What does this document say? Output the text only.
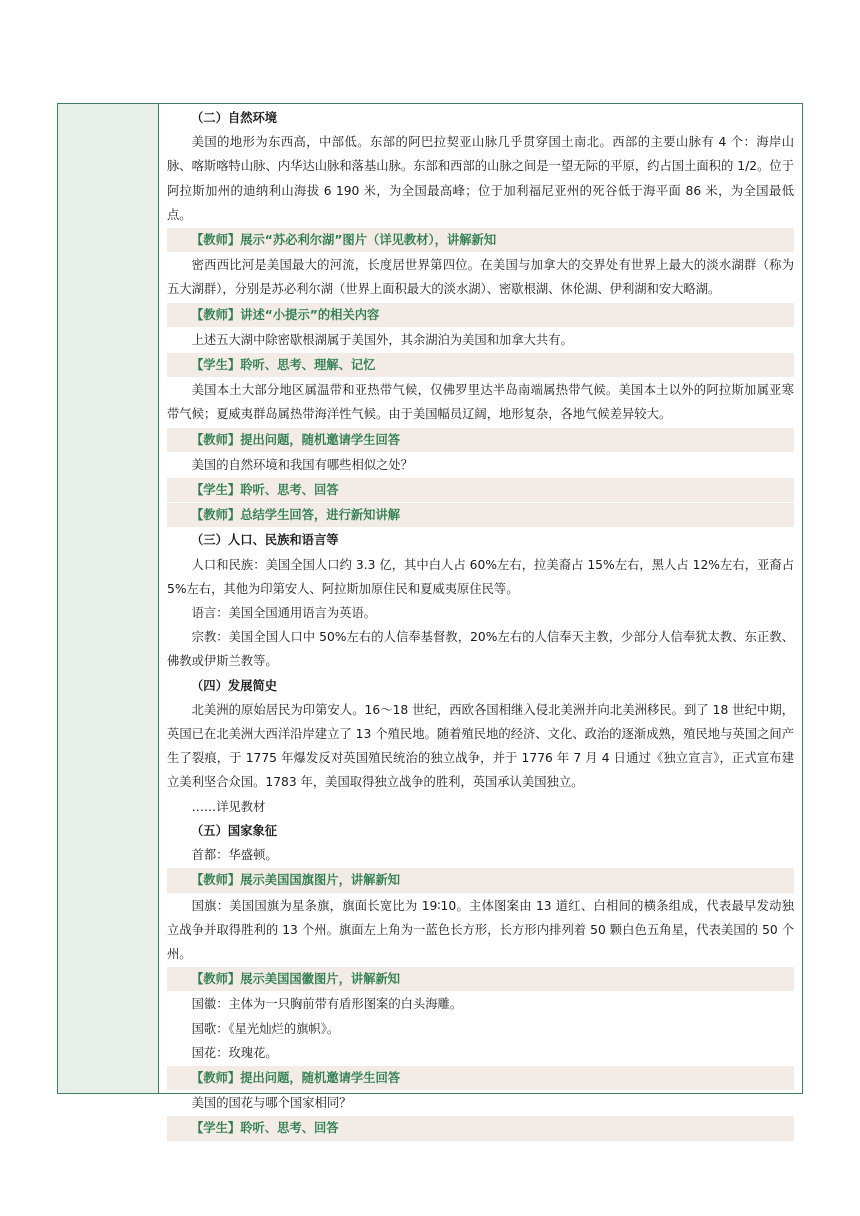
（二）自然环境

美国的地形为东西高，中部低。东部的阿巴拉契亚山脉几乎贯穿国土南北。西部的主要山脉有 4 个：海岸山脉、喀斯喀特山脉、内华达山脉和落基山脉。东部和西部的山脉之间是一望无际的平原，约占国土面积的 1/2。位于阿拉斯加州的迪纳利山海拔 6 190 米，为全国最高峰；位于加利福尼亚州的死谷低于海平面 86 米，为全国最低点。

【教师】展示“苏必利尔湖”图片（详见教材），讲解新知

密西西比河是美国最大的河流，长度居世界第四位。在美国与加拿大的交界处有世界上最大的淡水湖群（称为五大湖群），分别是苏必利尔湖（世界上面积最大的淡水湖）、密歇根湖、休伦湖、伊利湖和安大略湖。

【教师】讲述“小提示”的相关内容

上述五大湖中除密歇根湖属于美国外，其余湖泊为美国和加拿大共有。

【学生】聆听、思考、理解、记忆

美国本土大部分地区属温带和亚热带气候，仅佛罗里达半岛南端属热带气候。美国本土以外的阿拉斯加属亚寒带气候；夏威夷群岛属热带海洋性气候。由于美国幅员辽阔，地形复杂，各地气候差异较大。

【教师】提出问题，随机邀请学生回答

美国的自然环境和我国有哪些相似之处？

【学生】聆听、思考、回答

【教师】总结学生回答，进行新知讲解

（三）人口、民族和语言等

人口和民族：美国全国人口约 3.3 亿，其中白人占 60%左右，拉美裔占 15%左右，黑人占 12%左右，亚裔占 5%左右，其他为印第安人、阿拉斯加原住民和夏威夷原住民等。

语言：美国全国通用语言为英语。

宗教：美国全国人口中 50%左右的人信奉基督教，20%左右的人信奉天主教，少部分人信奉犹太教、东正教、佛教或伊斯兰教等。

（四）发展简史

北美洲的原始居民为印第安人。16～18 世纪，西欧各国相继入侵北美洲并向北美洲移民。到了 18 世纪中期，英国已在北美洲大西洋沿岸建立了 13 个殖民地。随着殖民地的经济、文化、政治的逐渐成熟，殖民地与英国之间产生了裂痕，于 1775 年爆发反对英国殖民统治的独立战争，并于 1776 年 7 月 4 日通过《独立宣言》，正式宣布建立美利坚合众国。1783 年，美国取得独立战争的胜利，英国承认美国独立。

……详见教材

（五）国家象征

首都：华盛顿。

【教师】展示美国国旗图片，讲解新知

国旗：美国国旗为星条旗，旗面长宽比为 19∶10。主体图案由 13 道红、白相间的横条组成，代表最早发动独立战争并取得胜利的 13 个州。旗面左上角为一蓝色长方形，长方形内排列着 50 颗白色五角星，代表美国的 50 个州。

【教师】展示美国国徽图片，讲解新知

国徽：主体为一只胸前带有盾形图案的白头海雕。

国歌：《星光灿烂的旗帜》。

国花：玫瑰花。

【教师】提出问题，随机邀请学生回答

美国的国花与哪个国家相同？

【学生】聆听、思考、回答
